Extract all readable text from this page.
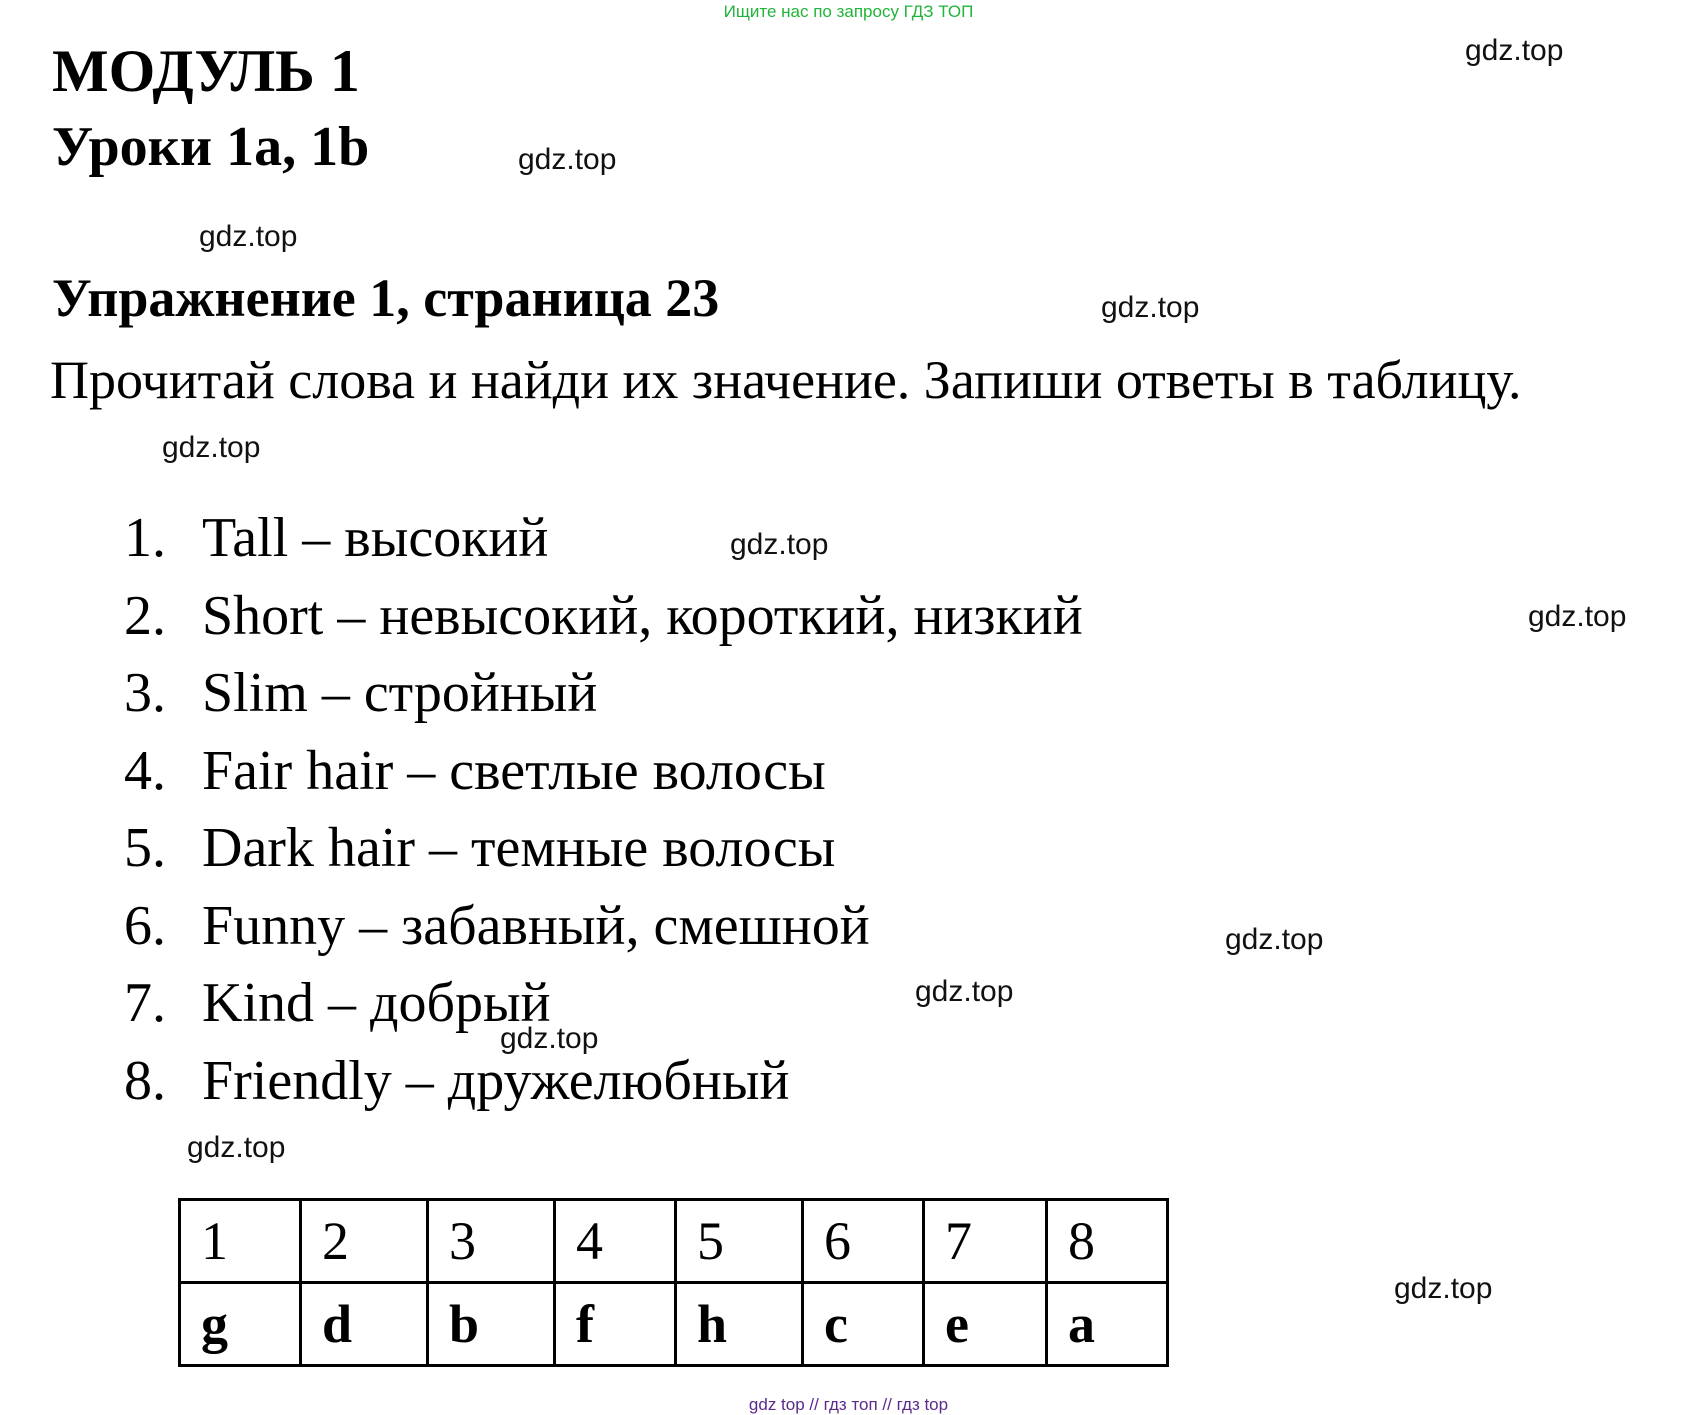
Ищите нас по запросу ГДЗ ТОП
МОДУЛЬ 1
Уроки 1a, 1b
Упражнение 1, страница 23
Прочитай слова и найди их значение. Запиши ответы в таблицу.
1. Tall – высокий
2. Short – невысокий, короткий, низкий
3. Slim – стройный
4. Fair hair – светлые волосы
5. Dark hair – темные волосы
6. Funny – забавный, смешной
7. Kind – добрый
8. Friendly – дружелюбный
1	2	3	4	5	6	7	8
g	d	b	f	h	c	e	a
gdz.top
gdz.top
gdz.top
gdz.top
gdz.top
gdz.top
gdz.top
gdz.top
gdz.top
gdz.top
gdz.top
gdz.top
gdz top // гдз топ // гдз top
